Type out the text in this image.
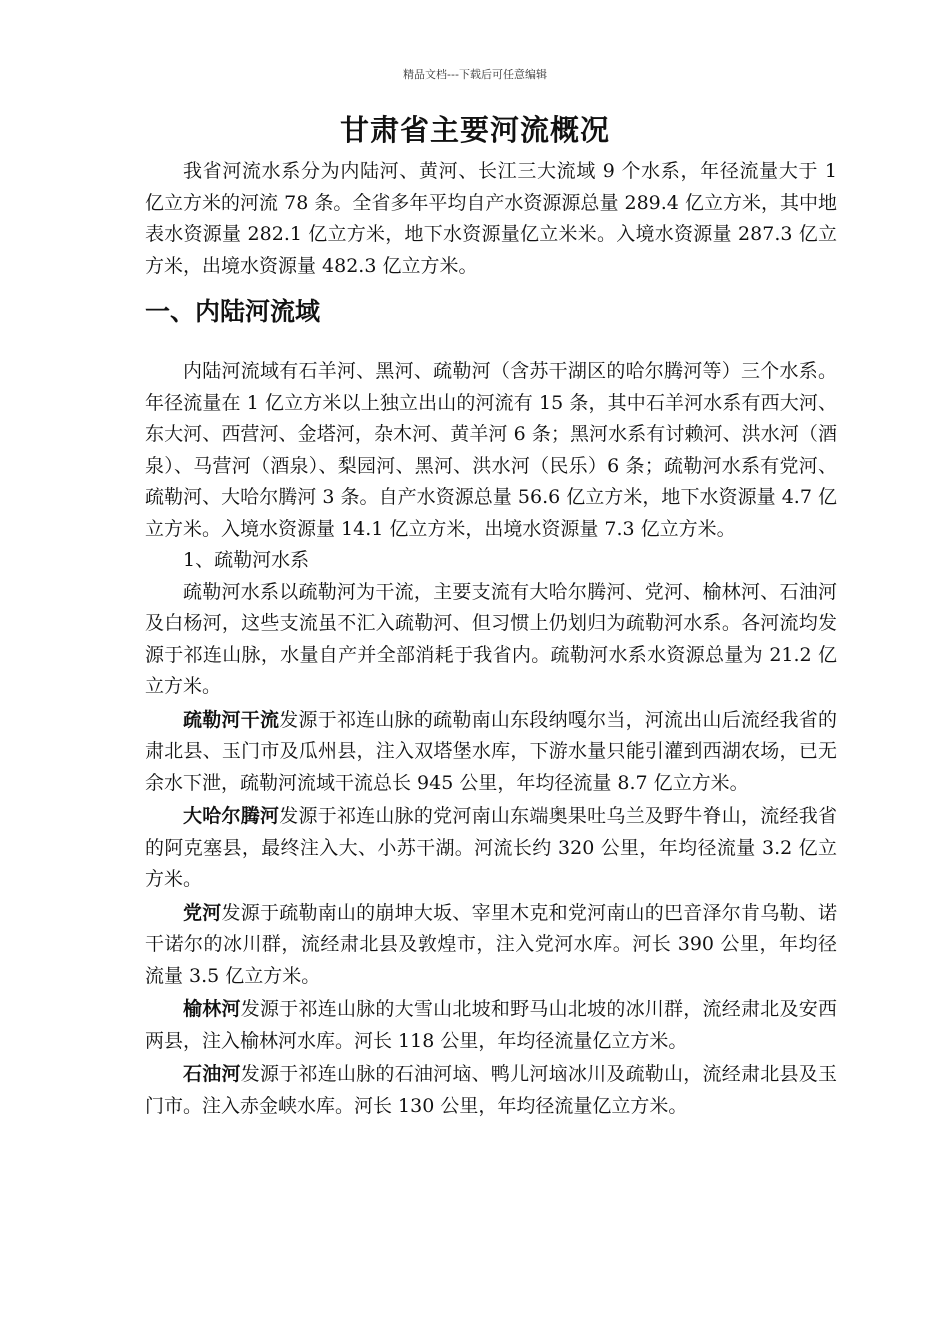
精品文档---下载后可任意编辑
甘肃省主要河流概况

我省河流水系分为内陆河、黄河、长江三大流域 9 个水系，年径流量大于 1 亿立方米的河流 78 条。全省多年平均自产水资源源总量 289.4 亿立方米，其中地表水资源量 282.1 亿立方米，地下水资源量亿立米米。入境水资源量 287.3 亿立方米，出境水资源量 482.3 亿立方米。

一、内陆河流域

内陆河流域有石羊河、黑河、疏勒河（含苏干湖区的哈尔腾河等）三个水系。年径流量在 1 亿立方米以上独立出山的河流有 15 条，其中石羊河水系有西大河、东大河、西营河、金塔河，杂木河、黄羊河 6 条；黑河水系有讨赖河、洪水河（酒泉）、马营河（酒泉）、梨园河、黑河、洪水河（民乐）6 条；疏勒河水系有党河、疏勒河、大哈尔腾河 3 条。自产水资源总量 56.6 亿立方米，地下水资源量 4.7 亿立方米。入境水资源量 14.1 亿立方米，出境水资源量 7.3 亿立方米。

1、疏勒河水系

疏勒河水系以疏勒河为干流，主要支流有大哈尔腾河、党河、榆林河、石油河及白杨河，这些支流虽不汇入疏勒河、但习惯上仍划归为疏勒河水系。各河流均发源于祁连山脉，水量自产并全部消耗于我省内。疏勒河水系水资源总量为 21.2 亿立方米。

疏勒河干流发源于祁连山脉的疏勒南山东段纳嘎尔当，河流出山后流经我省的肃北县、玉门市及瓜州县，注入双塔堡水库，下游水量只能引灌到西湖农场，已无余水下泄，疏勒河流域干流总长 945 公里，年均径流量 8.7 亿立方米。

大哈尔腾河发源于祁连山脉的党河南山东端奥果吐乌兰及野牛脊山，流经我省的阿克塞县，最终注入大、小苏干湖。河流长约 320 公里，年均径流量 3.2 亿立方米。

党河发源于疏勒南山的崩坤大坂、宰里木克和党河南山的巴音泽尔肯乌勒、诺干诺尔的冰川群，流经肃北县及敦煌市，注入党河水库。河长 390 公里，年均径流量 3.5 亿立方米。

榆林河发源于祁连山脉的大雪山北坡和野马山北坡的冰川群，流经肃北及安西两县，注入榆林河水库。河长 118 公里，年均径流量亿立方米。

石油河发源于祁连山脉的石油河垴、鸭儿河垴冰川及疏勒山，流经肃北县及玉门市。注入赤金峡水库。河长 130 公里，年均径流量亿立方米。
